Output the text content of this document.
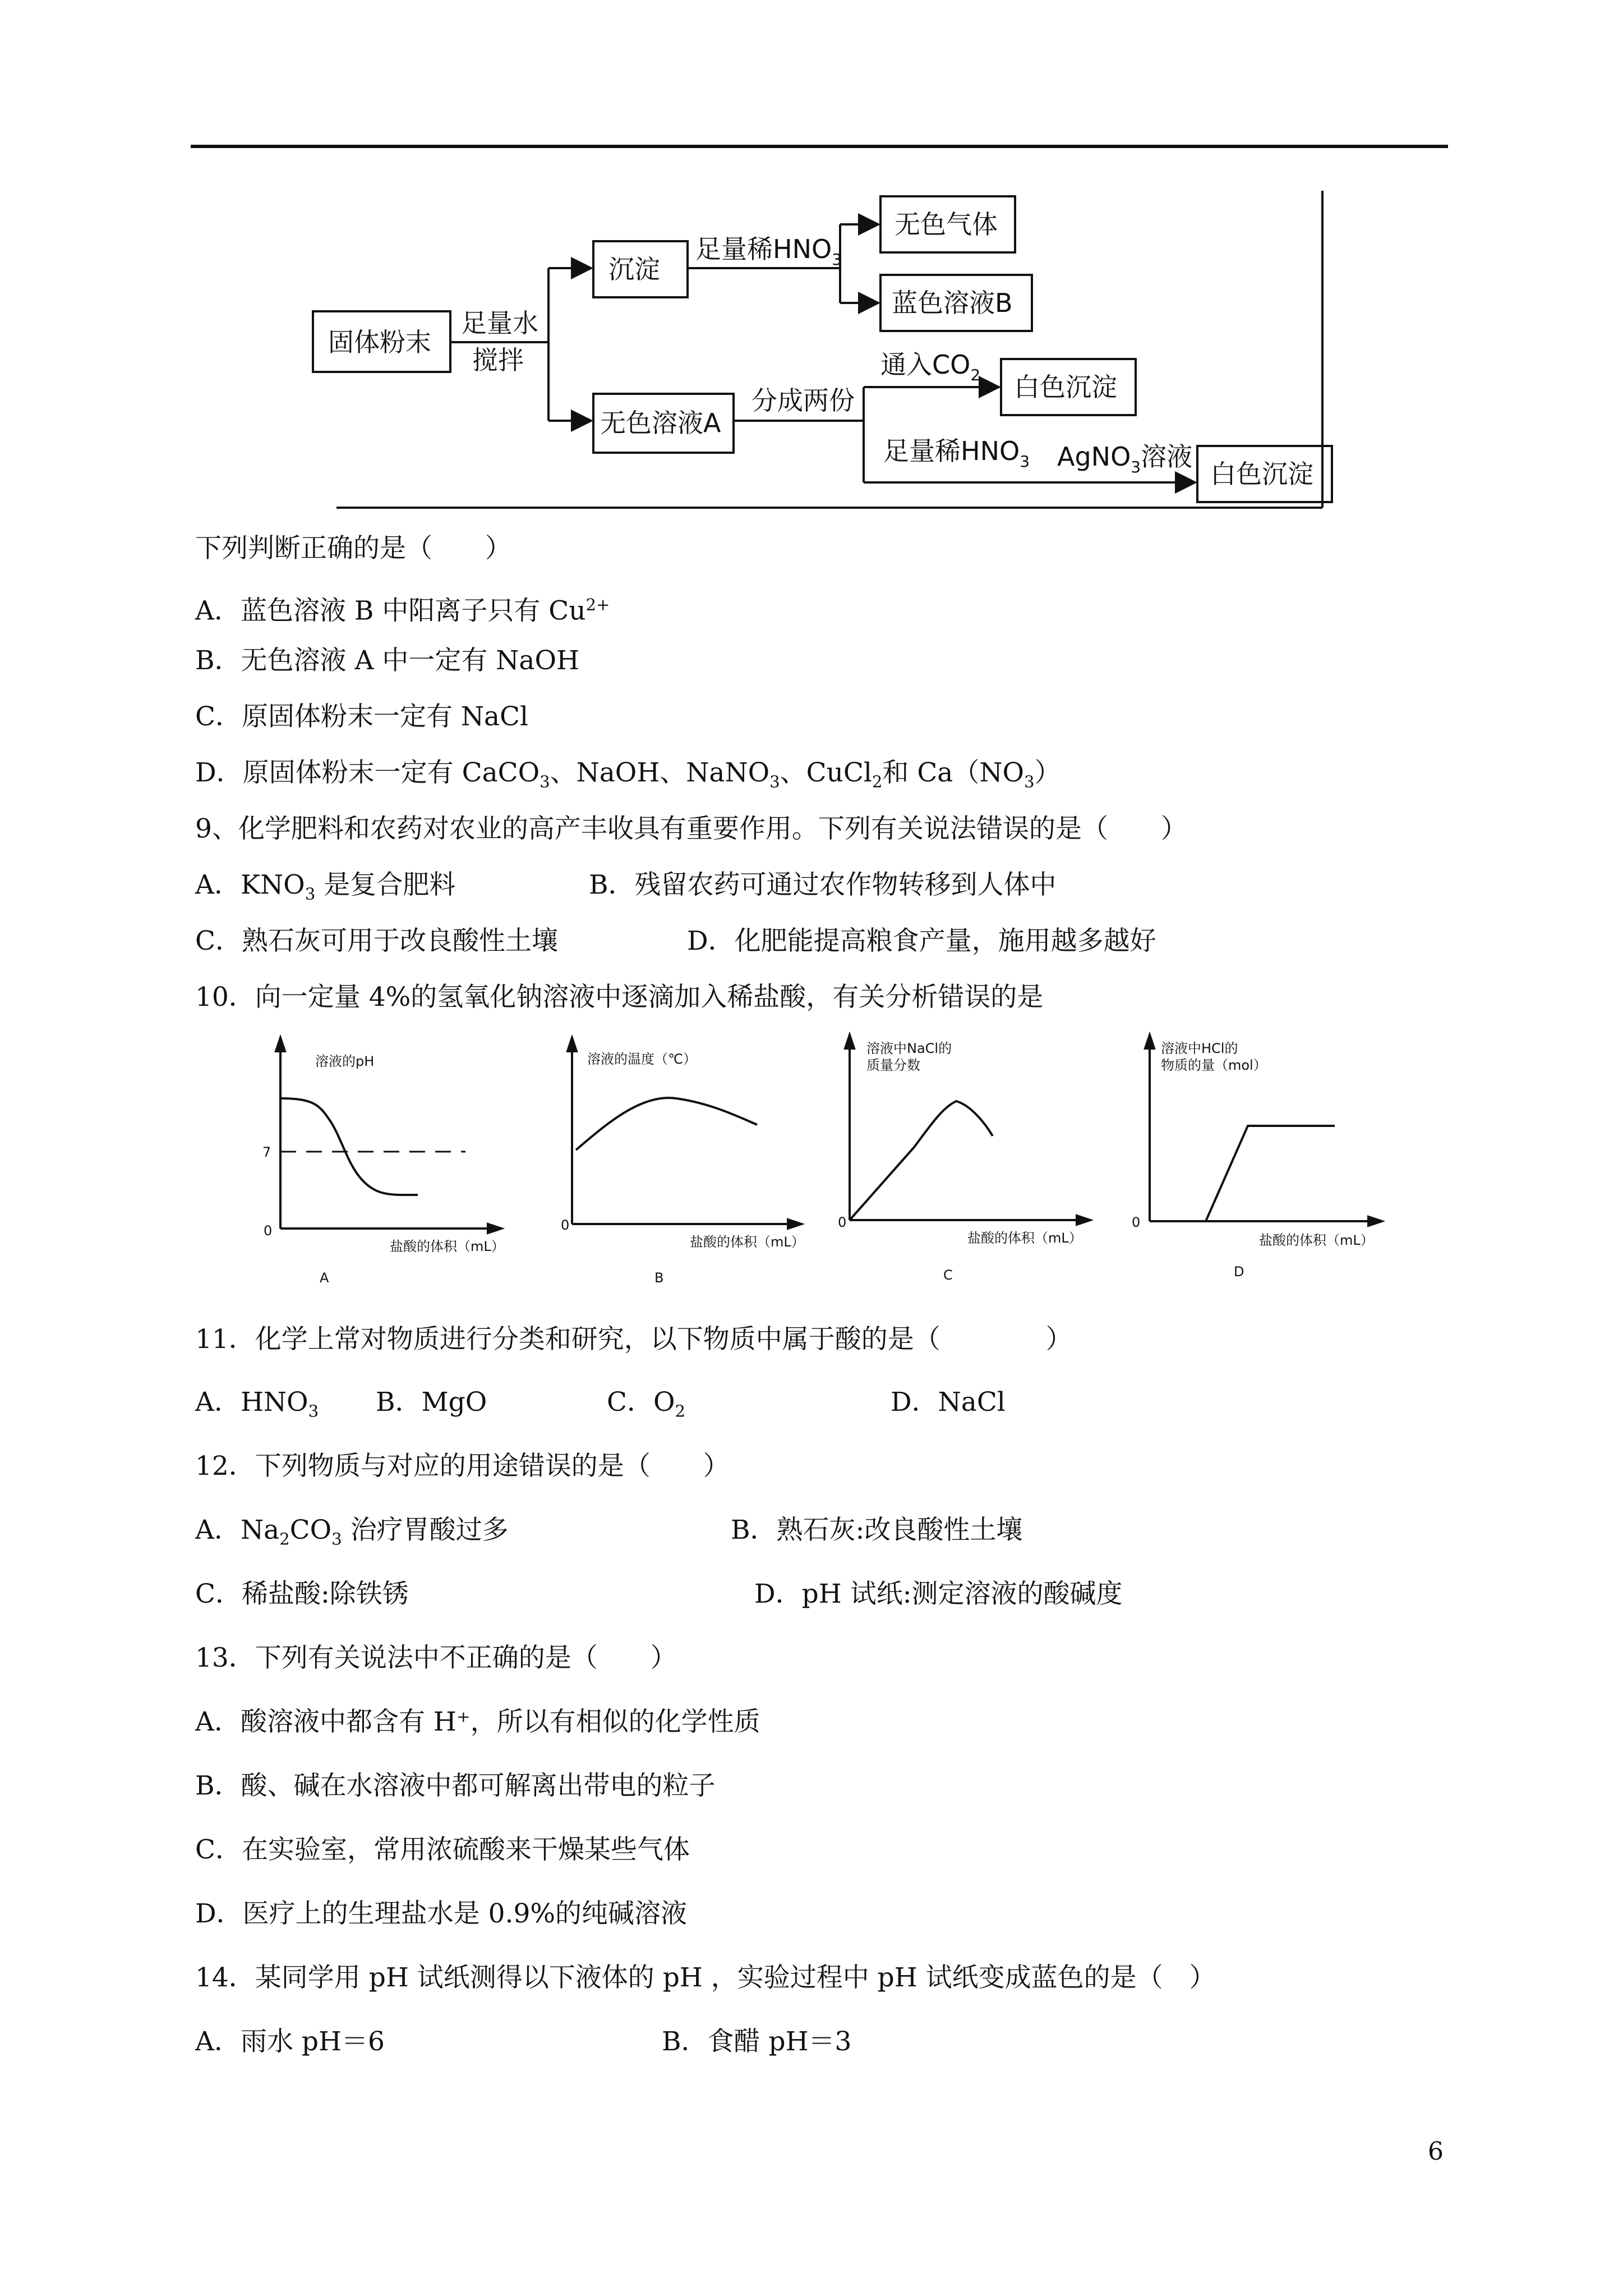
固体粉末
沉淀
无色气体
蓝色溶液B
无色溶液A
白色沉淀
白色沉淀
足量水
搅拌
足量稀$HNO_3$
分成两份
通入$CO_2$
足量稀$HNO_3$ AgNO$_3$溶液
下列判断正确的是（　　）
A．蓝色溶液 B 中阳离子只有 $Cu^{2+}$
B．无色溶液 A 中一定有 NaOH
C．原固体粉末一定有 NaCl
D．原固体粉末一定有 CaCO$_3$、NaOH、NaNO$_3$、CuCl$_2$和 $Ca(NO_3)$
9、化学肥料和农药对农业的高产丰收具有重要作用。下列有关说法错误的是（　　）
A．$KNO_3$ 是复合肥料	B．残留农药可通过农作物转移到人体中
C．熟石灰可用于改良酸性土壤	D．化肥能提高粮食产量，施用越多越好
10．向一定量 4%的氢氧化钠溶液中逐滴加入稀盐酸，有关分析错误的是
溶液的pH
7
0
盐酸的体积（mL）
A
溶液的温度（℃）
0
盐酸的体积（mL）
B
溶液中NaCl的
质量分数
0
盐酸的体积（mL）
C
溶液中HCl的
物质的量（mol）
0
盐酸的体积（mL）
D
11．化学上常对物质进行分类和研究，以下物质中属于酸的是（　　　　）
A．$HNO_3$ B．MgO	C．$O_2$	D．NaCl
12．下列物质与对应的用途错误的是（　　）
A．$Na_2CO_3$ 治疗胃酸过多	B．熟石灰:改良酸性土壤
C．稀盐酸:除铁锈	D．pH 试纸:测定溶液的酸碱度
13．下列有关说法中不正确的是（　　）
A．酸溶液中都含有 H⁺，所以有相似的化学性质
B．酸、碱在水溶液中都可解离出带电的粒子
C．在实验室，常用浓硫酸来干燥某些气体
D．医疗上的生理盐水是 0.9%的纯碱溶液
14．某同学用 pH 试纸测得以下液体的 pH ，实验过程中 pH 试纸变成蓝色的是（　）
A．雨水 pH＝6	B．食醋 pH＝3
6
